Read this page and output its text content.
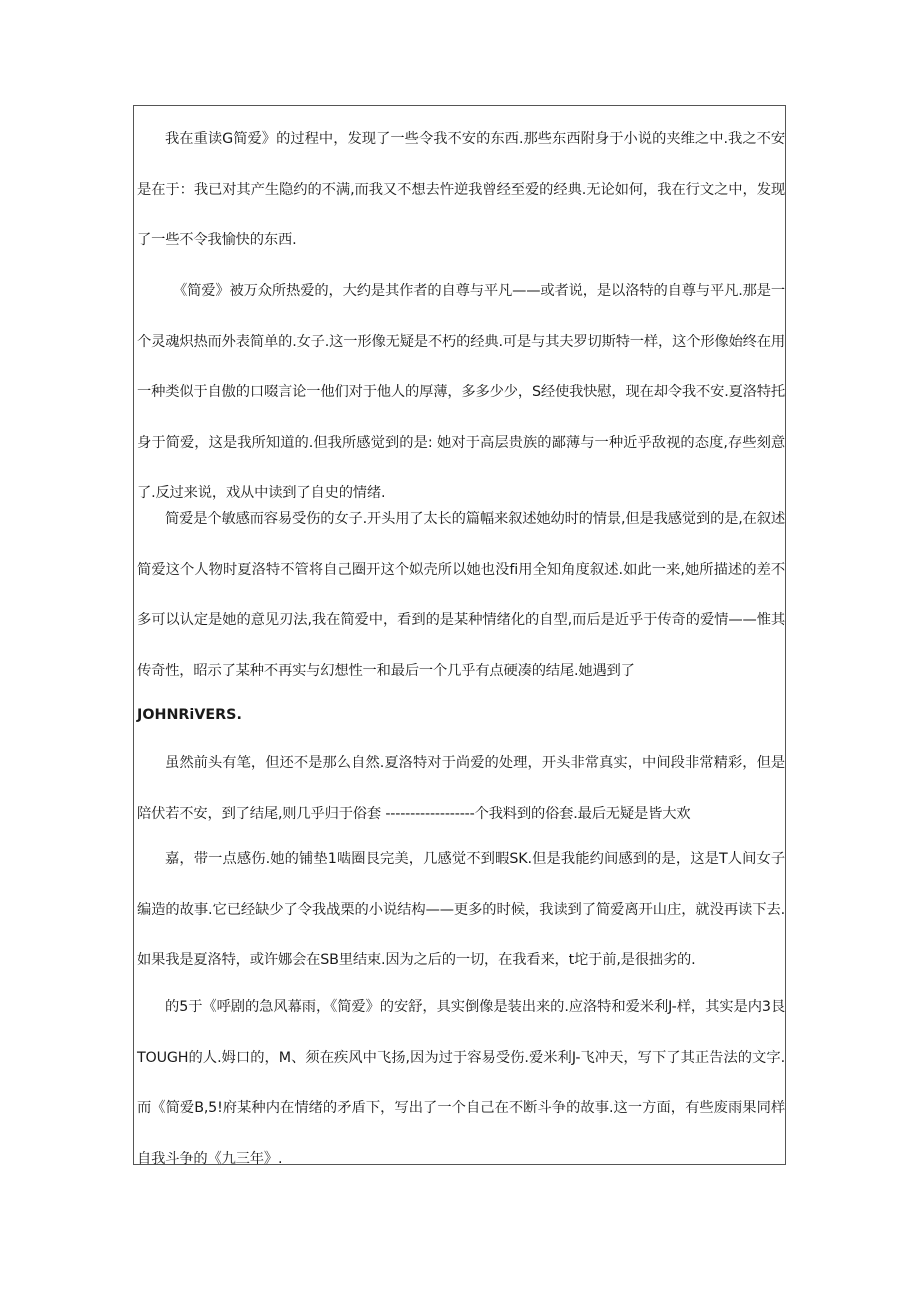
我在重读G简爱》的过程中，发现了一些令我不安的东西.那些东西附身于小说的夹维之中.我之不安是在于：我已对其产生隐约的不满,而我又不想去忤逆我曾经至爱的经典.无论如何，我在行文之中，发现了一些不令我愉快的东西.

《简爱》被万众所热爱的，大约是其作者的自尊与平凡——或者说，是以洛特的自尊与平凡.那是一个灵魂炽热而外表简单的.女子.这一形像无疑是不朽的经典.可是与其夫罗切斯特一样，这个形像始终在用一种类似于自傲的口啜言论一他们对于他人的厚薄，多多少少，S经使我快慰，现在却令我不安.夏洛特托身于简爱，这是我所知道的.但我所感觉到的是: 她对于高层贵族的鄙薄与一种近乎敌视的态度,存些刻意了.反过来说，戏从中读到了自史的情绪.

简爱是个敏感而容易受伤的女子.开头用了太长的篇幅来叙述她幼时的情景,但是我感觉到的是,在叙述简爱这个人物时夏洛特不管将自己圈开这个姒壳所以她也没fi用全知角度叙述.如此一来,她所描述的差不多可以认定是她的意见刃法,我在简爱中，看到的是某种情绪化的自型,而后是近乎于传奇的爱情——惟其传奇性，昭示了某种不再实与幻想性一和最后一个几乎有点硬凑的结尾.她遇到了

JOHNRiVERS.

虽然前头有笔，但还不是那么自然.夏洛特对于尚爱的处理，开头非常真实，中间段非常精彩，但是陪伏若不安，到了结尾,则几乎归于俗套 ------------------个我料到的俗套.最后无疑是皆大欢

嘉，带一点感伤.她的铺垫1啮圈艮完美，几感觉不到暇SK.但是我能约间感到的是，这是T人间女子编造的故事.它已经缺少了令我战栗的小说结构——更多的时候，我读到了简爱离开山庄，就没再读下去.如果我是夏洛特，或许娜会在SB里结束.因为之后的一切，在我看来，t坨于前,是很拙劣的.

的5于《呼剧的急风幕雨，《简爱》的安舒，具实倒像是装出来的.应洛特和爱米利J-样，其实是内3艮TOUGH的人.姆口的，M、须在疾风中飞扬,因为过于容易受伤.爱米利J-飞冲天，写下了其正告法的文字.而《简爱B,5!府某种内在情绪的矛盾下，写出了一个自己在不断斗争的故事.这一方面，有些废雨果同样自我斗争的《九三年》.
